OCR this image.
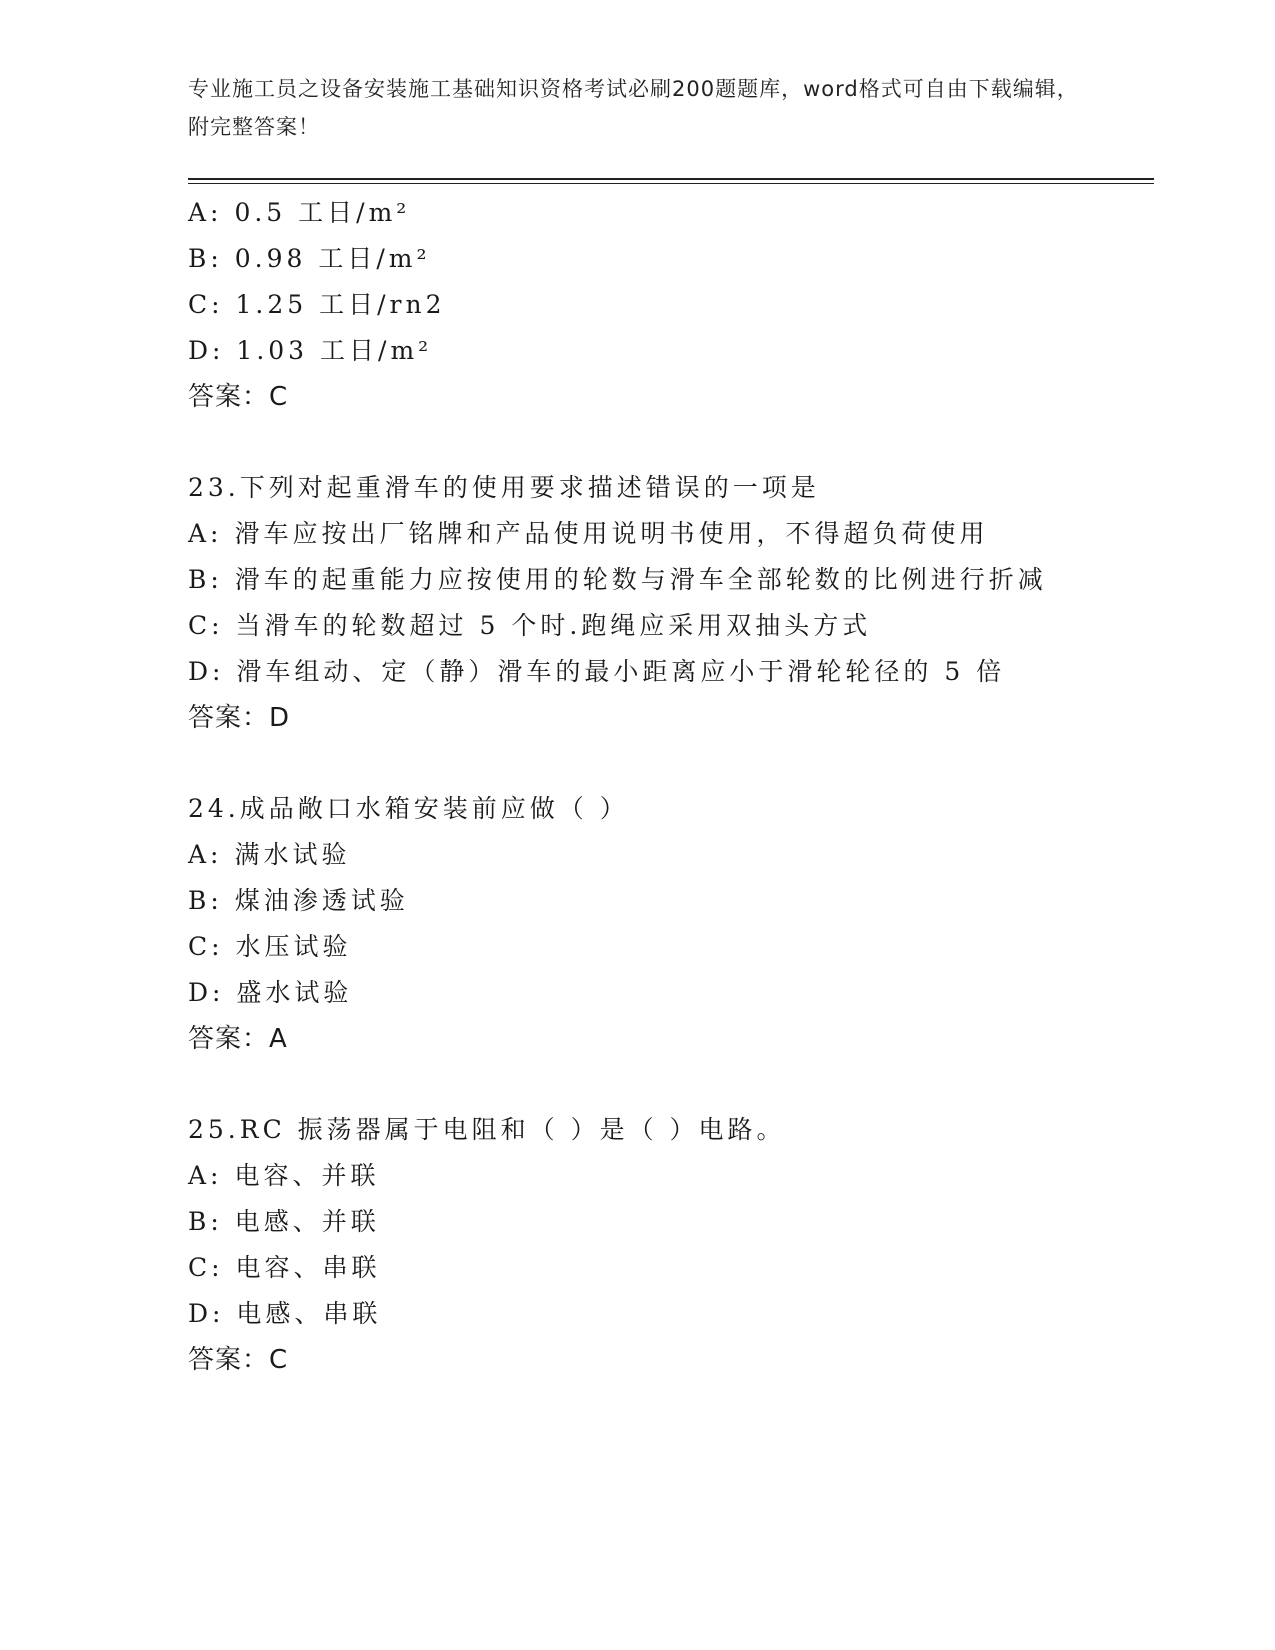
专业施工员之设备安装施工基础知识资格考试必刷200题题库，word格式可自由下载编辑，附完整答案！
A: 0.5 工日/m²
B: 0.98 工日/m²
C: 1.25 工日/rn2
D: 1.03 工日/m²
答案：C
23.下列对起重滑车的使用要求描述错误的一项是
A: 滑车应按出厂铭牌和产品使用说明书使用，不得超负荷使用
B: 滑车的起重能力应按使用的轮数与滑车全部轮数的比例进行折减
C: 当滑车的轮数超过 5 个时.跑绳应采用双抽头方式
D: 滑车组动、定（静）滑车的最小距离应小于滑轮轮径的 5 倍
答案：D
24.成品敞口水箱安装前应做（ ）
A: 满水试验
B: 煤油渗透试验
C: 水压试验
D: 盛水试验
答案：A
25.RC 振荡器属于电阻和（ ）是（ ）电路。
A: 电容、并联
B: 电感、并联
C: 电容、串联
D: 电感、串联
答案：C
